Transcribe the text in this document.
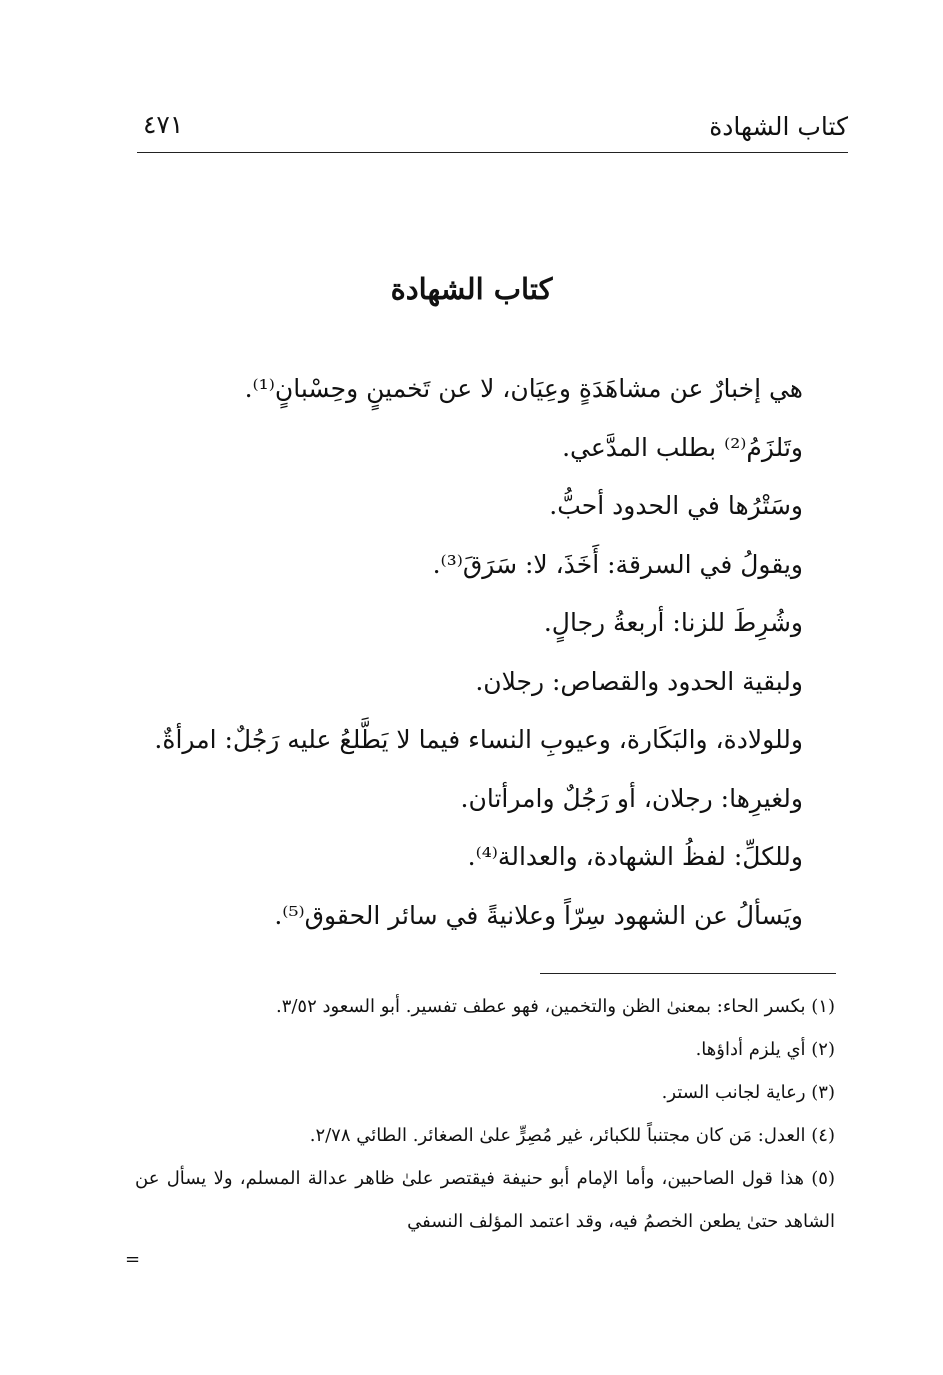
كتاب الشهادة
٤٧١
كتاب الشهادة
هي إخبارٌ عن مشاهَدَةٍ وعِيَان، لا عن تَخمينٍ وحِسْبانٍ⁽¹⁾.
وتَلزَمُ⁽²⁾ بطلب المدَّعي.
وسَتْرُها في الحدود أحبُّ.
ويقولُ في السرقة: أَخَذَ، لا: سَرَقَ⁽³⁾.
وشُرِطَ للزنا: أربعةُ رجالٍ.
ولبقية الحدود والقصاص: رجلان.
وللولادة، والبَكَارة، وعيوبِ النساء فيما لا يَطَّلعُ عليه رَجُلٌ: امرأةٌ.
ولغيرِها: رجلان، أو رَجُلٌ وامرأتان.
وللكلِّ: لفظُ الشهادة، والعدالة⁽⁴⁾.
ويَسألُ عن الشهود سِرّاً وعلانيةً في سائر الحقوق⁽⁵⁾.
(١) بكسر الحاء: بمعنىٰ الظن والتخمين، فهو عطف تفسير. أبو السعود ٣/٥٢.
(٢) أي يلزم أداؤها.
(٣) رعاية لجانب الستر.
(٤) العدل: مَن كان مجتنباً للكبائر، غير مُصِرٍّ علىٰ الصغائر. الطائي ٢/٧٨.
(٥) هذا قول الصاحبين، وأما الإمام أبو حنيفة فيقتصر علىٰ ظاهر عدالة المسلم، ولا يسأل عن الشاهد حتىٰ يطعن الخصمُ فيه، وقد اعتمد المؤلف النسفي
=
